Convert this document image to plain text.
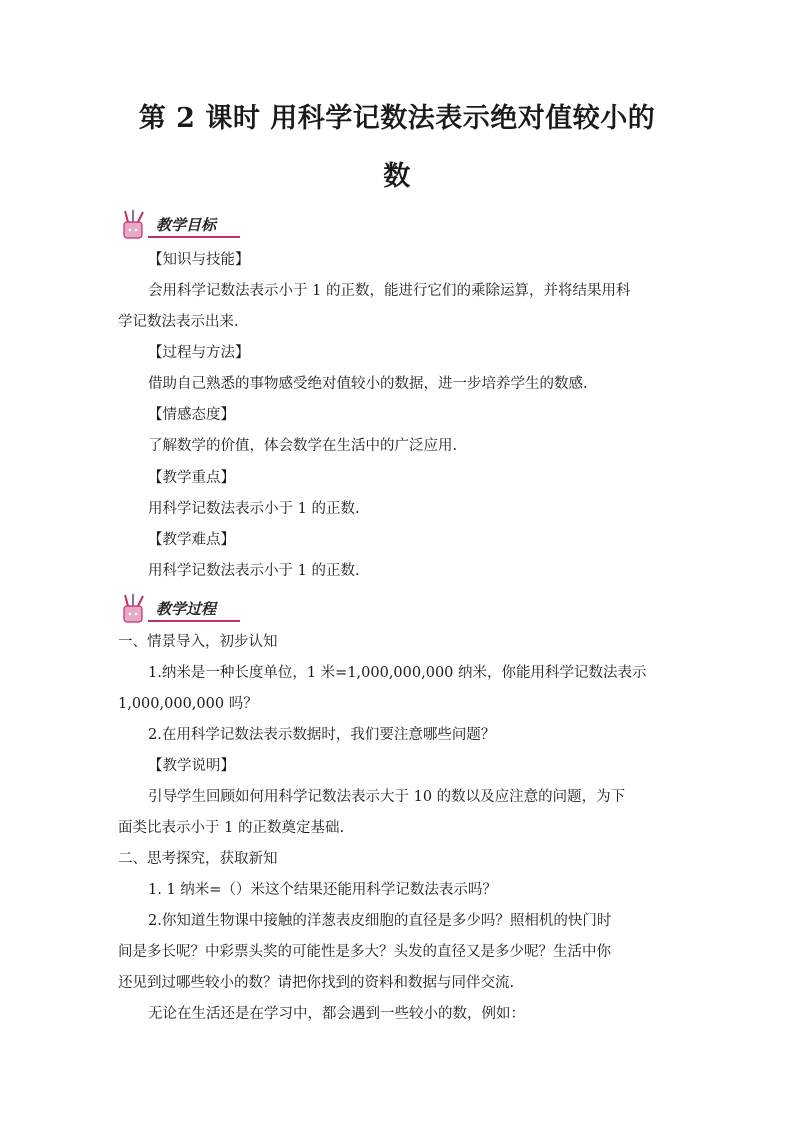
第 2 课时 用科学记数法表示绝对值较小的
数
教学目标
【知识与技能】
会用科学记数法表示小于 1 的正数，能进行它们的乘除运算，并将结果用科
学记数法表示出来.
【过程与方法】
借助自己熟悉的事物感受绝对值较小的数据，进一步培养学生的数感.
【情感态度】
了解数学的价值，体会数学在生活中的广泛应用.
【教学重点】
用科学记数法表示小于 1 的正数.
【教学难点】
用科学记数法表示小于 1 的正数.
教学过程
一、情景导入，初步认知
1.纳米是一种长度单位，1 米=1,000,000,000 纳米，你能用科学记数法表示
1,000,000,000 吗？
2.在用科学记数法表示数据时，我们要注意哪些问题？
【教学说明】
引导学生回顾如何用科学记数法表示大于 10 的数以及应注意的问题，为下
面类比表示小于 1 的正数奠定基础.
二、思考探究，获取新知
1. 1 纳米=（）米这个结果还能用科学记数法表示吗？
2.你知道生物课中接触的洋葱表皮细胞的直径是多少吗？照相机的快门时
间是多长呢？中彩票头奖的可能性是多大？头发的直径又是多少呢？生活中你
还见到过哪些较小的数？请把你找到的资料和数据与同伴交流.
无论在生活还是在学习中，都会遇到一些较小的数，例如：
